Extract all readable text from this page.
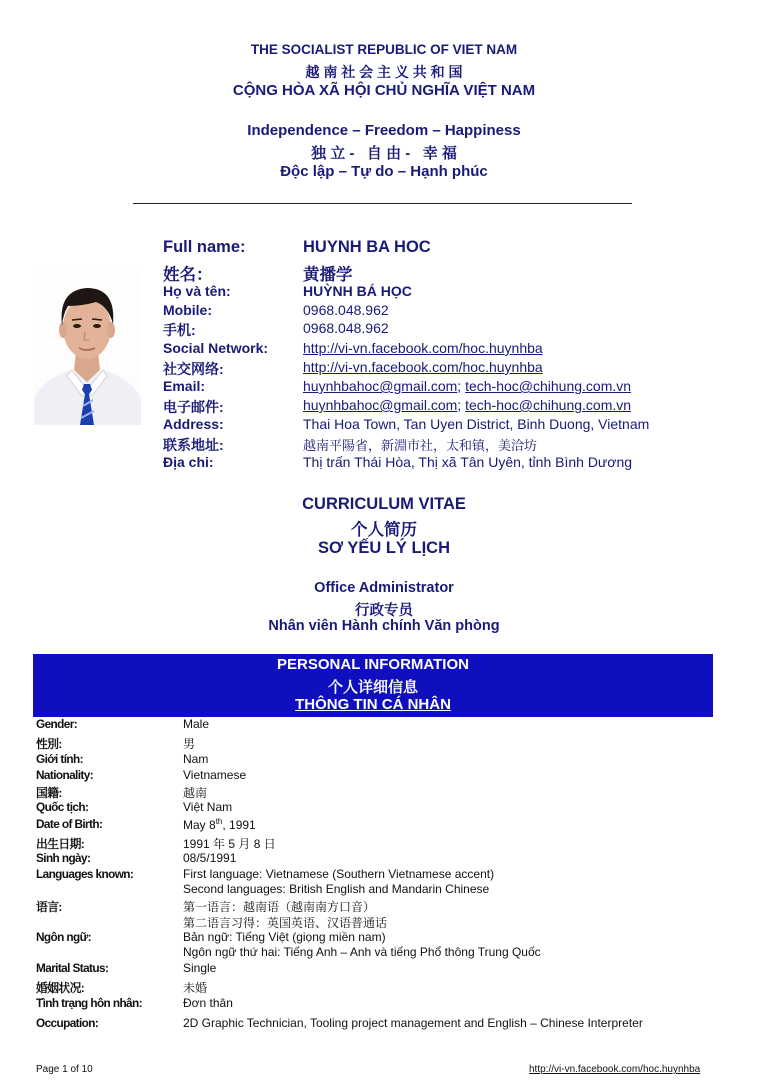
THE SOCIALIST REPUBLIC OF VIET NAM
越 南 社 会 主 义 共 和 国
CỘNG HÒA XÃ HỘI CHỦ NGHĨA VIỆT NAM
Independence – Freedom – Happiness
独 立 -   自 由 -   幸 福
Độc lập – Tự do – Hạnh phúc
Full name:	HUYNH BA HOC
姓名：	黄播学
Họ và tên:	HUỲNH BÁ HỌC
Mobile:	0968.048.962
手机:	0968.048.962
Social Network: http://vi-vn.facebook.com/hoc.huynhba
社交网络:	http://vi-vn.facebook.com/hoc.huynhba
Email:	huynhbahoc@gmail.com; tech-hoc@chihung.com.vn
电子邮件:	huynhbahoc@gmail.com; tech-hoc@chihung.com.vn
Address:	Thai Hoa Town, Tan Uyen District, Binh Duong, Vietnam
联系地址:	越南平陽省，新淵市社，太和镇，美洽坊
Địa chi:	Thị trấn Thái Hòa, Thị xã Tân Uyên, tỉnh Bình Dương
CURRICULUM VITAE
个人简历
SƠ YẾU LÝ LỊCH
Office Administrator
行政专员
Nhân viên Hành chính Văn phòng
PERSONAL INFORMATION
个人详细信息
THÔNG TIN CÁ NHÂN
Gender:	Male
性別:	男
Giới tính:	Nam
Nationality:	Vietnamese
国籍:	越南
Quốc tịch:	Việt Nam
Date of Birth:	May 8th, 1991
出生日期:	1991 年 5 月 8 日
Sinh ngày:	08/5/1991
Languages known:	First language: Vietnamese (Southern Vietnamese accent)
Second languages: British English and Mandarin Chinese
语言:	第一语言：越南语（越南南方口音）
第二语言习得：英国英语、汉语普通话
Ngôn ngữ:	Bản ngữ: Tiếng Việt (giọng miền nam)
Ngôn ngữ thứ hai: Tiếng Anh – Anh và tiếng Phổ thông Trung Quốc
Marital Status:	Single
婚姻状况:	未婚
Tình trạng hôn nhân:	Đơn thân
Occupation:	2D Graphic Technician, Tooling project management and English – Chinese Interpreter
Page 1 of 10	http://vi-vn.facebook.com/hoc.huynhba
